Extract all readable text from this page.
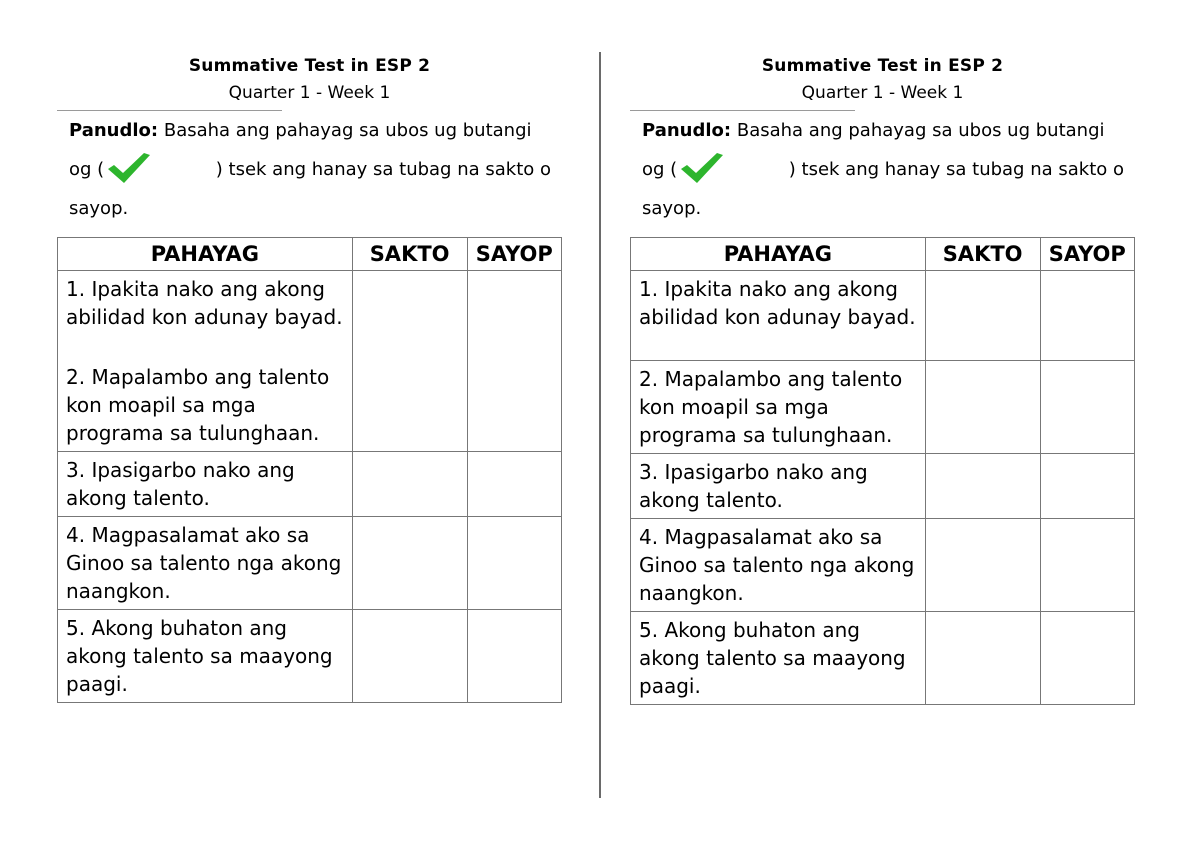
Summative Test in ESP 2
Quarter 1 - Week 1
Panudlo: Basaha ang pahayag sa ubos ug butangi
og (	) tsek ang hanay sa tubag na sakto o
sayop.
PAHAYAG	SAKTO	SAYOP
1. Ipakita nako ang akong abilidad kon adunay bayad.		
2. Mapalambo ang talento kon moapil sa mga programa sa tulunghaan.		
3. Ipasigarbo nako ang akong talento.		
4. Magpasalamat ako sa Ginoo sa talento nga akong naangkon.		
5. Akong buhaton ang akong talento sa maayong paagi.		
Summative Test in ESP 2
Quarter 1 - Week 1
Panudlo: Basaha ang pahayag sa ubos ug butangi
og (	) tsek ang hanay sa tubag na sakto o
sayop.
PAHAYAG	SAKTO	SAYOP
1. Ipakita nako ang akong abilidad kon adunay bayad.		
2. Mapalambo ang talento kon moapil sa mga programa sa tulunghaan.		
3. Ipasigarbo nako ang akong talento.		
4. Magpasalamat ako sa Ginoo sa talento nga akong naangkon.		
5. Akong buhaton ang akong talento sa maayong paagi.		
